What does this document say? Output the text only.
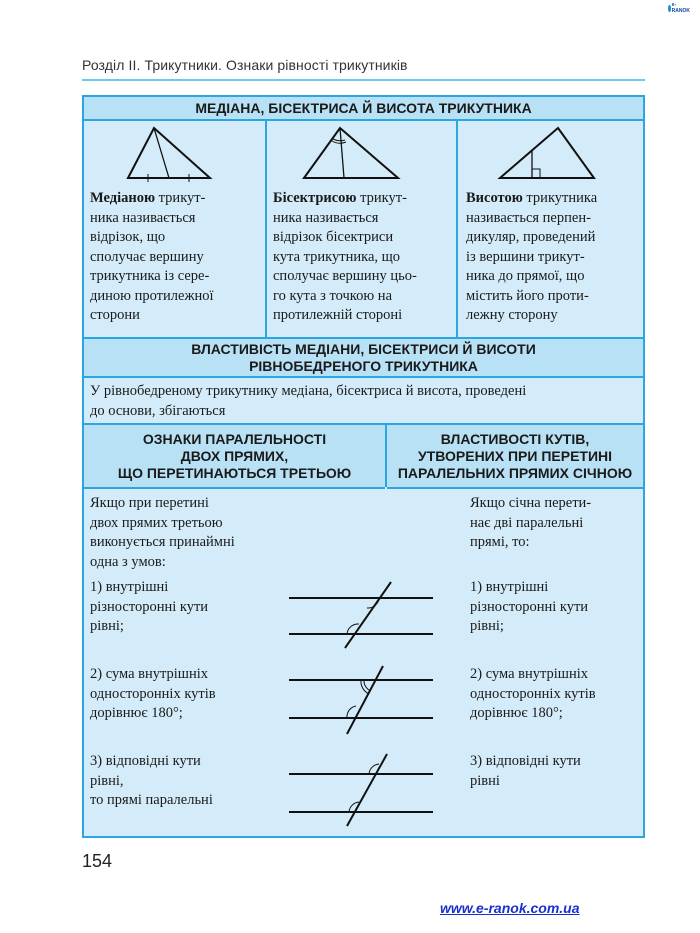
e-RANOK
Розділ ІІ. Трикутники. Ознаки рівності трикутників
МЕДІАНА, БІСЕКТРИСА Й ВИСОТА ТРИКУТНИКА
Медіаною трикут-
ника називається
відрізок, що
сполучає вершину
трикутника із сере-
диною протилежної
сторони
Бісектрисою трикут-
ника називається
відрізок бісектриси
кута трикутника, що
сполучає вершину цьо-
го кута з точкою на
протилежній стороні
Висотою трикутника
називається перпен-
дикуляр, проведений
із вершини трикут-
ника до прямої, що
містить його проти-
лежну сторону
ВЛАСТИВІСТЬ МЕДІАНИ, БІСЕКТРИСИ Й ВИСОТИ
РІВНОБЕДРЕНОГО ТРИКУТНИКА
У рівнобедреному трикутнику медіана, бісектриса й висота, проведені
до основи, збігаються
ОЗНАКИ ПАРАЛЕЛЬНОСТІ
ДВОХ ПРЯМИХ,
ЩО ПЕРЕТИНАЮТЬСЯ ТРЕТЬОЮ
ВЛАСТИВОСТІ КУТІВ,
УТВОРЕНИХ ПРИ ПЕРЕТИНІ
ПАРАЛЕЛЬНИХ ПРЯМИХ СІЧНОЮ
Якщо при перетині
двох прямих третьою
виконується принаймні
одна з умов:
Якщо січна перети-
нає дві паралельні
прямі, то:
1) внутрішні
різносторонні кути
рівні;
2) сума внутрішніх
односторонніх кутів
дорівнює 180°;
3) відповідні кути
рівні,
то прямі паралельні
1) внутрішні
різносторонні кути
рівні;
2) сума внутрішніх
односторонніх кутів
дорівнює 180°;
3) відповідні кути
рівні
154
www.e-ranok.com.ua
